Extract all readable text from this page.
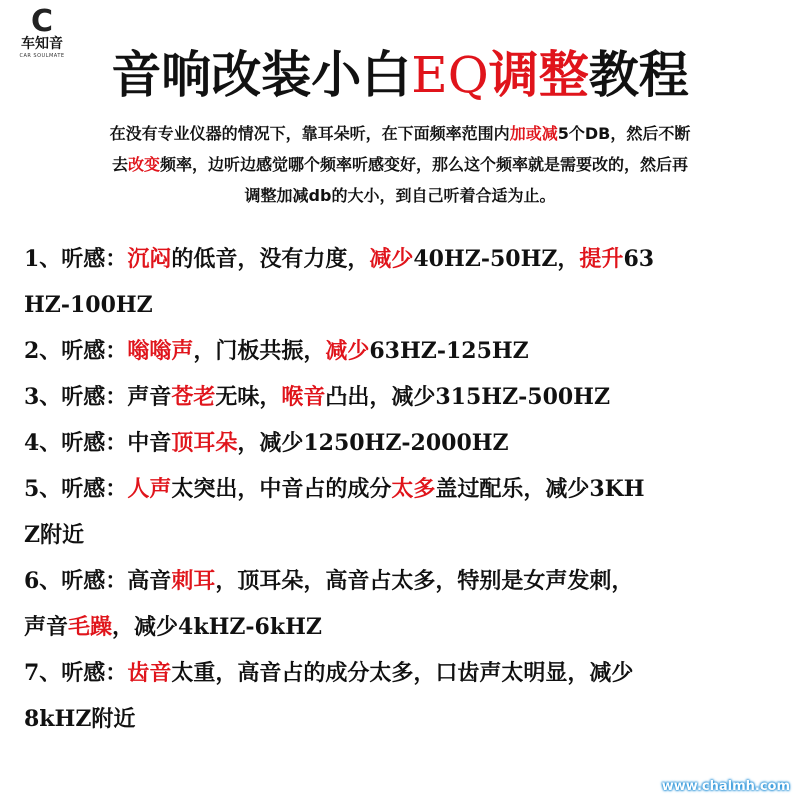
C
车知音
CAR SOULMATE 音响改装小白EQ调整教程
在没有专业仪器的情况下，靠耳朵听，在下面频率范围内加或减5个DB，然后不断
去改变频率，边听边感觉哪个频率听感变好，那么这个频率就是需要改的，然后再
调整加减db的大小，到自己听着合适为止。
1、听感：沉闷的低音，没有力度，减少40HZ-50HZ，提升63
HZ-100HZ
2、听感：嗡嗡声，门板共振，减少63HZ-125HZ
3、听感：声音苍老无味，喉音凸出，减少315HZ-500HZ
4、听感：中音顶耳朵，减少1250HZ-2000HZ
5、听感：人声太突出，中音占的成分太多盖过配乐，减少3KH
Z附近
6、听感：高音刺耳，顶耳朵，高音占太多，特别是女声发刺，
声音毛躁，减少4kHZ-6kHZ
7、听感：齿音太重，高音占的成分太多，口齿声太明显，减少
8kHZ附近
www.chalmh.com
